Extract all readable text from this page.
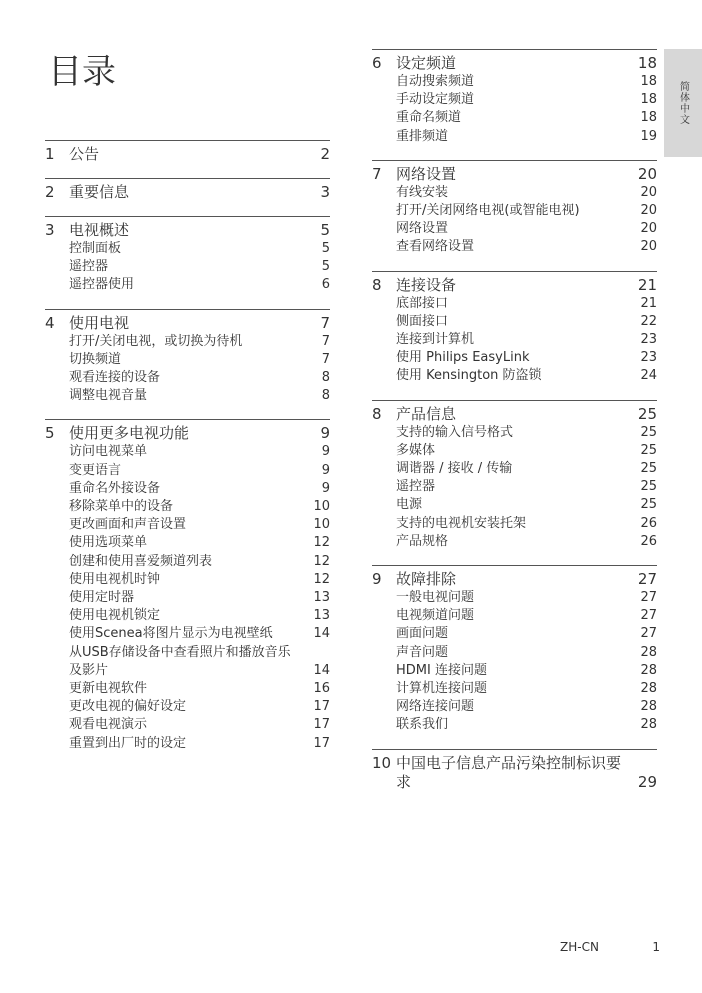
目录
简体中文
1 公告	2
2 重要信息	3
3 电视概述	5
控制面板	5
遥控器	5
遥控器使用	6
4 使用电视	7
打开/关闭电视，或切换为待机	7
切换频道	7
观看连接的设备	8
调整电视音量	8
5 使用更多电视功能	9
访问电视菜单	9
变更语言	9
重命名外接设备	9
移除菜单中的设备	10
更改画面和声音设置	10
使用选项菜单	12
创建和使用喜爱频道列表	12
使用电视机时钟	12
使用定时器	13
使用电视机锁定	13
使用Scenea将图片显示为电视壁纸	14
从USB存储设备中查看照片和播放音乐
及影片	14
更新电视软件	16
更改电视的偏好设定	17
观看电视演示	17
重置到出厂时的设定	17
6 设定频道	18
自动搜索频道	18
手动设定频道	18
重命名频道	18
重排频道	19
7 网络设置	20
有线安装	20
打开/关闭网络电视(或智能电视)	20
网络设置	20
查看网络设置	20
8 连接设备	21
底部接口	21
侧面接口	22
连接到计算机	23
使用 Philips EasyLink	23
使用 Kensington 防盗锁	24
8 产品信息	25
支持的输入信号格式	25
多媒体	25
调谐器 / 接收 / 传输	25
遥控器	25
电源	25
支持的电视机安装托架	26
产品规格	26
9 故障排除	27
一般电视问题	27
电视频道问题	27
画面问题	27
声音问题	28
HDMI 连接问题	28
计算机连接问题	28
网络连接问题	28
联系我们	28
10 中国电子信息产品污染控制标识要
求	29
ZH-CN	1
